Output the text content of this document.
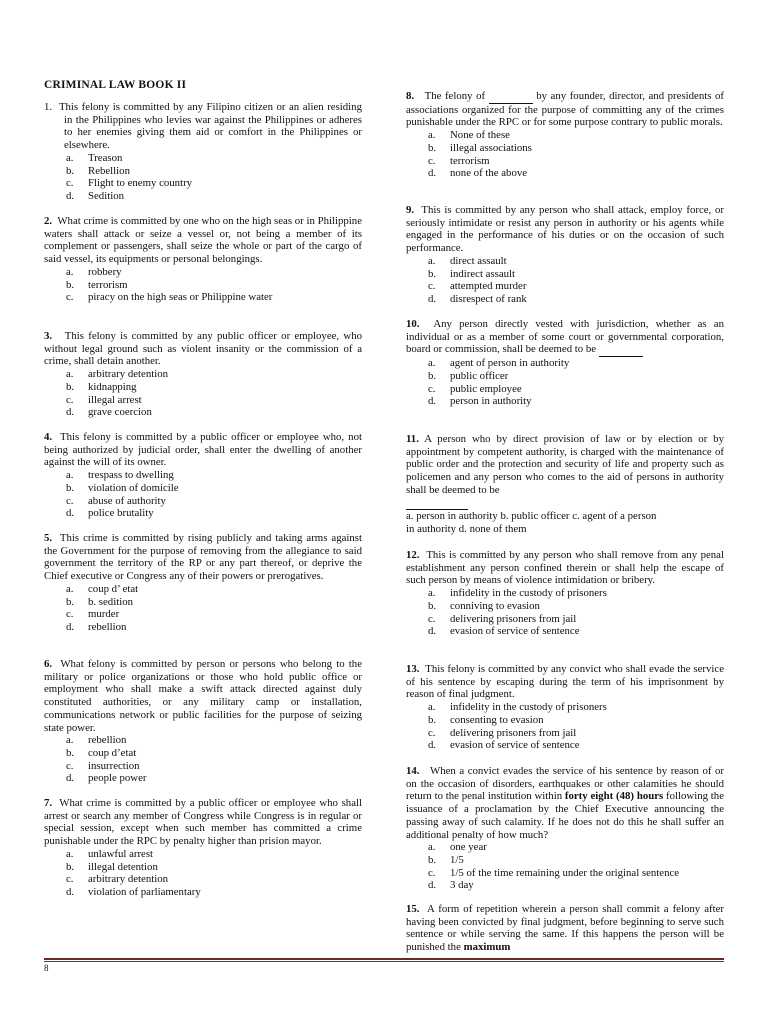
CRIMINAL LAW BOOK II

1. This felony is committed by any Filipino citizen or an alien residing in the Philippines who levies war against the Philippines or adheres to her enemies giving them aid or comfort in the Philippines or elsewhere.

a.	Treason
b.	Rebellion
c.	Flight to enemy country
d.	Sedition

2. What crime is committed by one who on the high seas or in Philippine waters shall attack or seize a vessel or, not being a member of its complement or passengers, shall seize the whole or part of the cargo of said vessel, its equipments or personal belongings.

a.	robbery
b.	terrorism
c.	piracy on the high seas or Philippine water

3. This felony is committed by any public officer or employee, who without legal ground such as violent insanity or the commission of a crime, shall detain another.

a.	arbitrary detention
b.	kidnapping
c.	illegal arrest
d.	grave coercion

4. This felony is committed by a public officer or employee who, not being authorized by judicial order, shall enter the dwelling of another against the will of its owner.

a.	trespass to dwelling
b.	violation of domicile
c.	abuse of authority
d.	police brutality

5. This crime is committed by rising publicly and taking arms against the Government for the purpose of removing from the allegiance to said government the territory of the RP or any part thereof, or deprive the Chief executive or Congress any of their powers or prerogatives.

a.	coup d’ etat
b.	b. sedition
c.	murder
d.	rebellion

6. What felony is committed by person or persons who belong to the military or police organizations or those who hold public office or employment who shall make a swift attack directed against duly constituted authorities, or any military camp or installation, communications network or public facilities for the purpose of seizing state power.

a.	rebellion
b.	coup d’etat
c.	insurrection
d.	people power

7. What crime is committed by a public officer or employee who shall arrest or search any member of Congress while Congress is in regular or special session, except when such member has committed a crime punishable under the RPC by penalty higher than prision mayor.

a.	unlawful arrest
b.	illegal detention
c.	arbitrary detention
d.	violation of parliamentary

8. The felony of	by any founder, director, and presidents of associations organized for the purpose of committing any of the crimes punishable under the RPC or for some purpose contrary to public morals.

a.	None of these
b.	illegal associations
c.	terrorism
d.	none of the above

9. This is committed by any person who shall attack, employ force, or seriously intimidate or resist any person in authority or his agents while engaged in the performance of his duties or on the occasion of such performance.

a.	direct assault
b.	indirect assault
c.	attempted murder
d.	disrespect of rank

10. Any person directly vested with jurisdiction, whether as an individual or as a member of some court or governmental corporation, board or commission, shall be deemed to be

a.	agent of person in authority
b.	public officer
c.	public employee
d.	person in authority

11. A person who by direct provision of law or by election or by appointment by competent authority, is charged with the maintenance of public order and the protection and security of life and property such as policemen and any person who comes to the aid of persons in authority shall be deemed to be

a. person in authority b. public officer c. agent of a person

in authority d. none of them

12. This is committed by any person who shall remove from any penal establishment any person confined therein or shall help the escape of such person by means of violence intimidation or bribery.

a.	infidelity in the custody of prisoners
b.	conniving to evasion
c.	delivering prisoners from jail
d.	evasion of service of sentence

13. This felony is committed by any convict who shall evade the service of his sentence by escaping during the term of his imprisonment by reason of final judgment.

a.	infidelity in the custody of prisoners
b.	consenting to evasion
c.	delivering prisoners from jail
d.	evasion of service of sentence

14. When a convict evades the service of his sentence by reason of or on the occasion of disorders, earthquakes or other calamities he should return to the penal institution within forty eight (48) hours following the issuance of a proclamation by the Chief Executive announcing the passing away of such calamity. If he does not do this he shall suffer an additional penalty of how much?

a.	one year
b.	1/5
c.	1/5 of the time remaining under the original sentence
d.	3 day

15. A form of repetition wherein a person shall commit a felony after having been convicted by final judgment, before beginning to serve such sentence or while serving the same. If this happens the person will be punished the maximum

8
